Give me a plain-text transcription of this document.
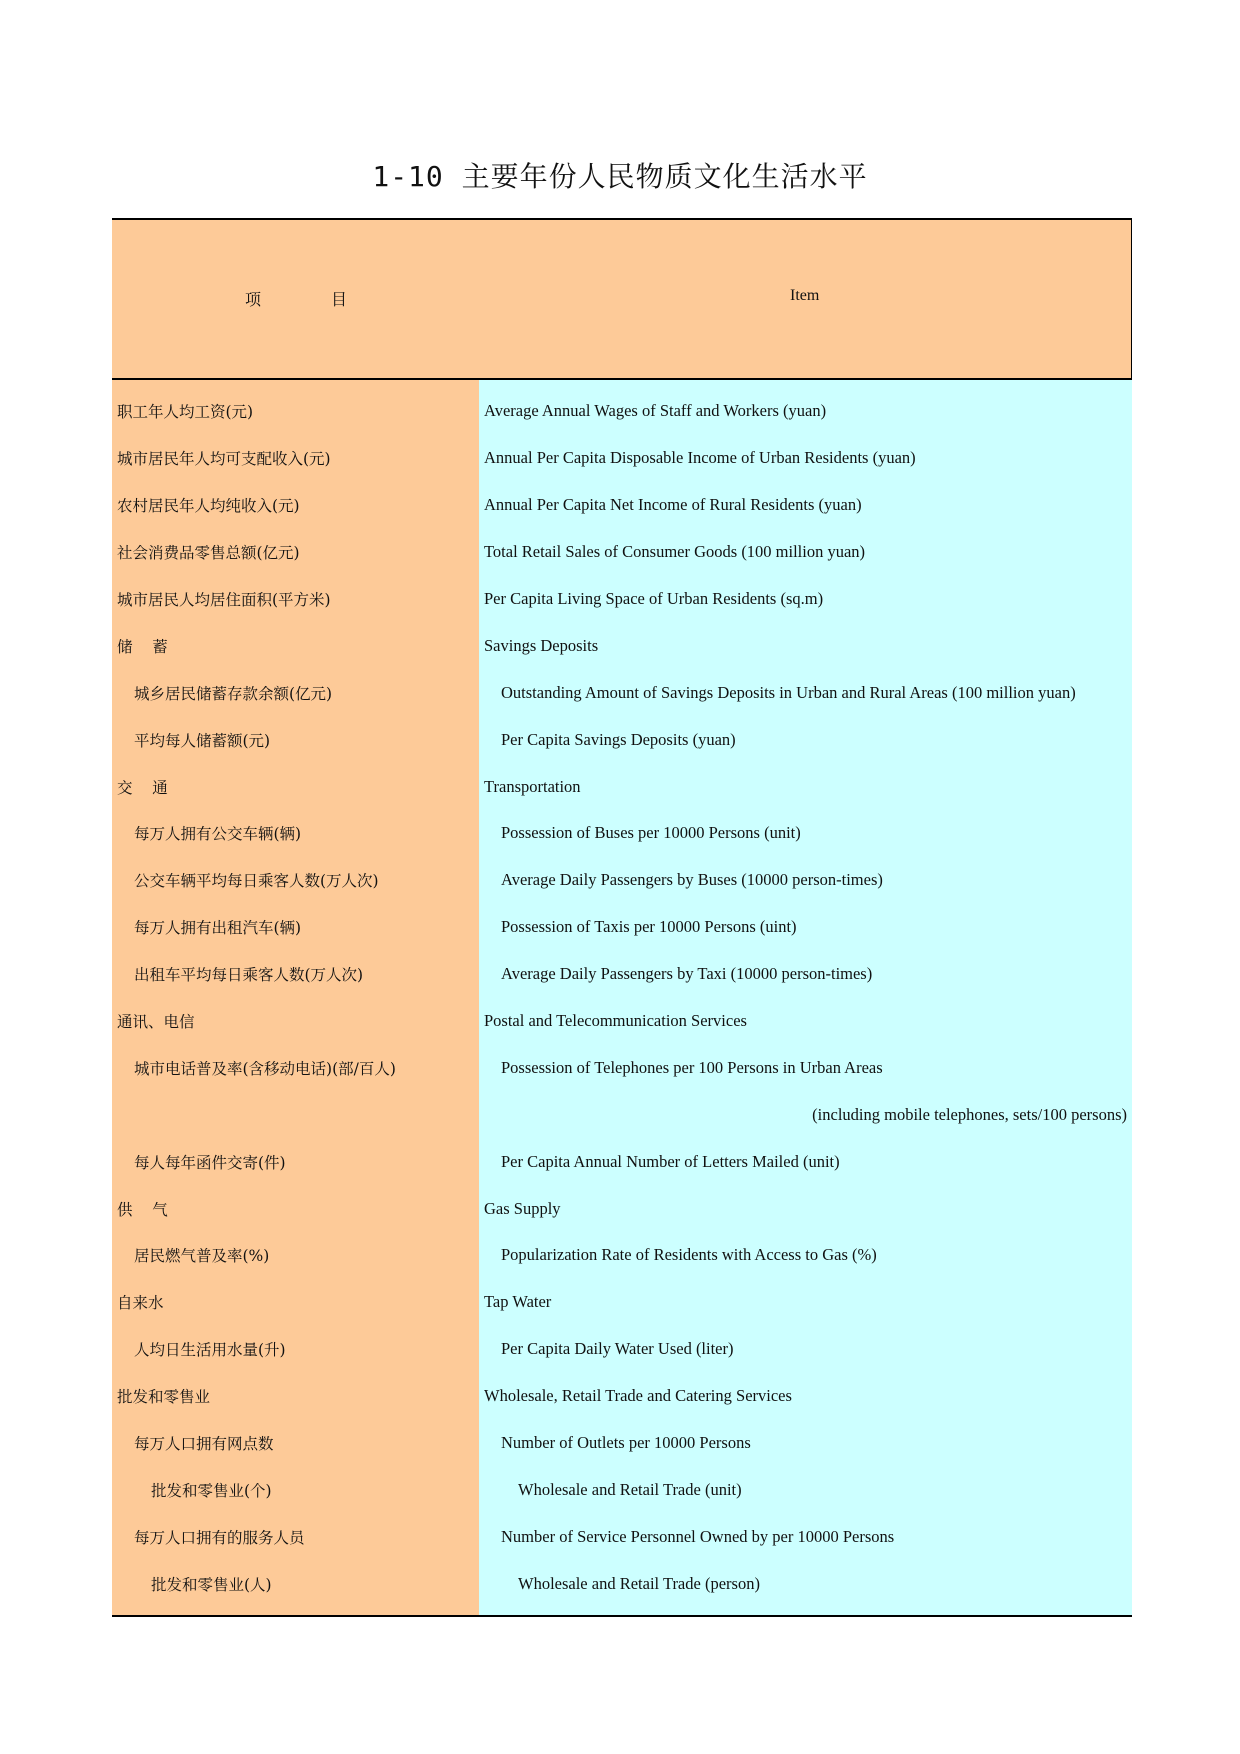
1-10 主要年份人民物质文化生活水平
项	目	Item
职工年人均工资(元)	Average Annual Wages of Staff and Workers (yuan)
城市居民年人均可支配收入(元)	Annual Per Capita Disposable Income of Urban Residents (yuan)
农村居民年人均纯收入(元)	Annual Per Capita Net Income of Rural Residents (yuan)
社会消费品零售总额(亿元)	Total Retail Sales of Consumer Goods (100 million yuan)
城市居民人均居住面积(平方米)	Per Capita Living Space of Urban Residents (sq.m)
储    蓄	Savings Deposits
城乡居民储蓄存款余额(亿元)	Outstanding Amount of Savings Deposits in Urban and Rural Areas (100 million yuan)
平均每人储蓄额(元)	Per Capita Savings Deposits (yuan)
交    通	Transportation
每万人拥有公交车辆(辆)	Possession of Buses per 10000 Persons (unit)
公交车辆平均每日乘客人数(万人次)	Average Daily Passengers by Buses (10000 person-times)
每万人拥有出租汽车(辆)	Possession of Taxis per 10000 Persons (uint)
出租车平均每日乘客人数(万人次)	Average Daily Passengers by Taxi (10000 person-times)
通讯、电信	Postal and Telecommunication Services
城市电话普及率(含移动电话)(部/百人)	Possession of Telephones per 100 Persons in Urban Areas
(including mobile telephones, sets/100 persons)
每人每年函件交寄(件)	Per Capita Annual Number of Letters Mailed (unit)
供    气	Gas Supply
居民燃气普及率(%)	Popularization Rate of Residents with Access to Gas (%)
自来水	Tap Water
人均日生活用水量(升)	Per Capita Daily Water Used (liter)
批发和零售业	Wholesale, Retail Trade and Catering Services
每万人口拥有网点数	Number of Outlets per 10000 Persons
批发和零售业(个)	Wholesale and Retail Trade (unit)
每万人口拥有的服务人员	Number of Service Personnel Owned by per 10000 Persons
批发和零售业(人)	Wholesale and Retail Trade (person)
